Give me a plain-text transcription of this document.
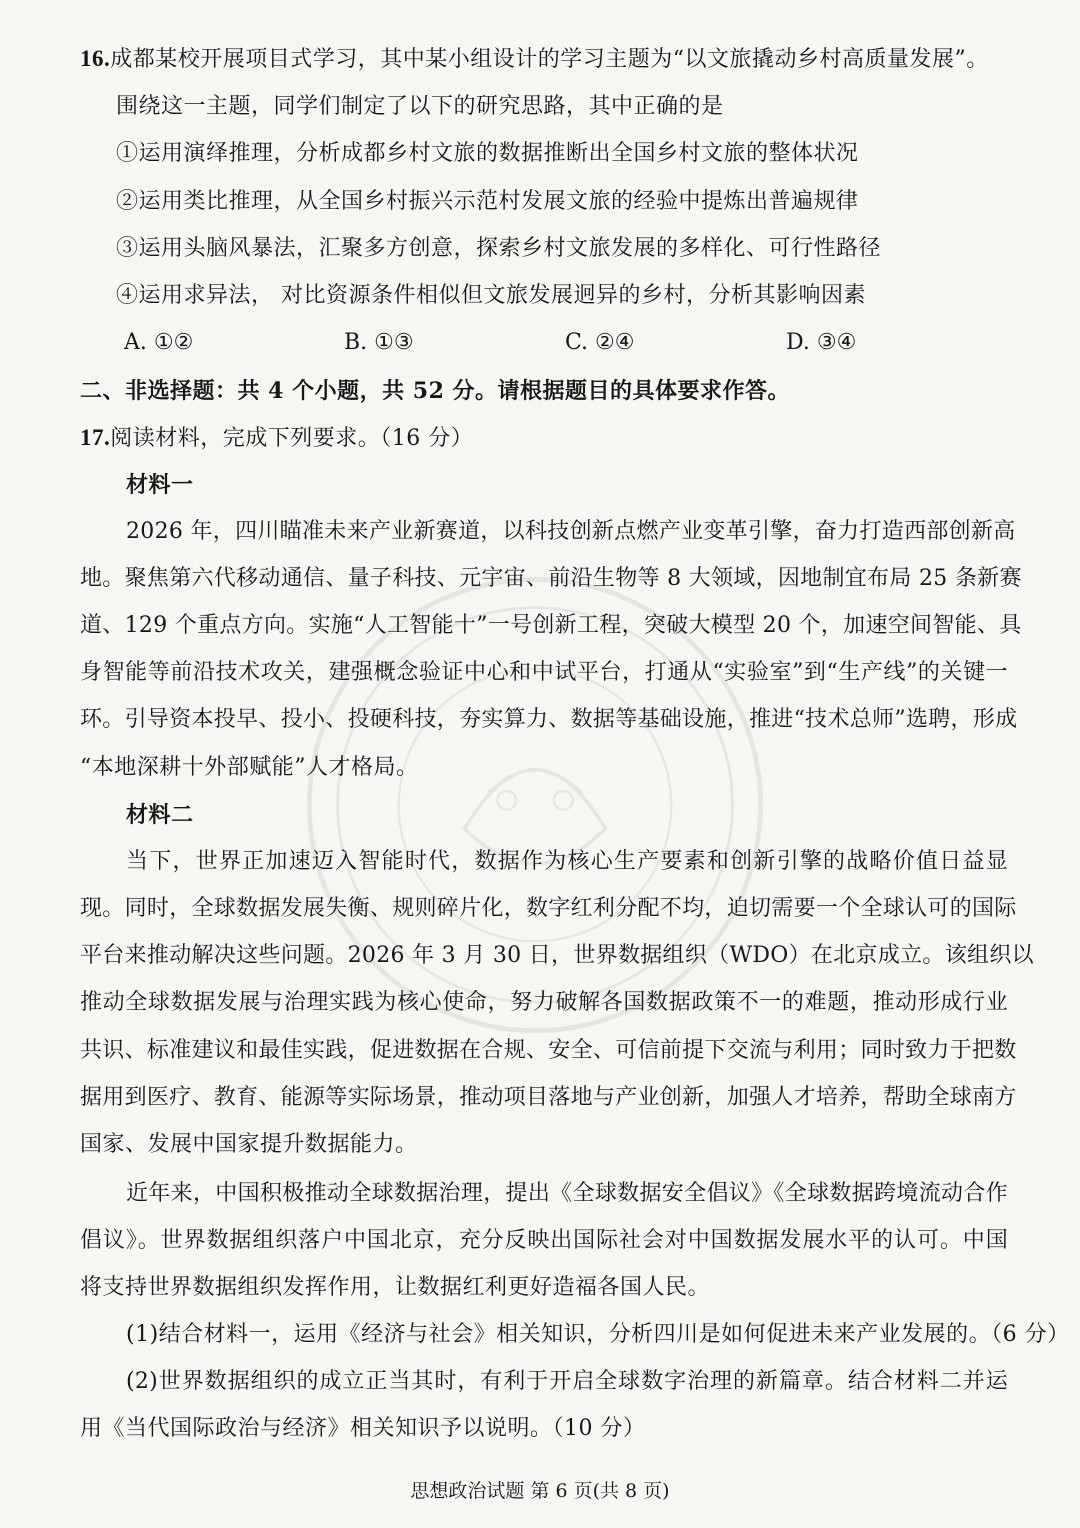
16.成都某校开展项目式学习，其中某小组设计的学习主题为“以文旅撬动乡村高质量发展”。
围绕这一主题，同学们制定了以下的研究思路，其中正确的是
①运用演绎推理，分析成都乡村文旅的数据推断出全国乡村文旅的整体状况
②运用类比推理，从全国乡村振兴示范村发展文旅的经验中提炼出普遍规律
③运用头脑风暴法，汇聚多方创意，探索乡村文旅发展的多样化、可行性路径
④运用求异法， 对比资源条件相似但文旅发展迥异的乡村，分析其影响因素
A. ①②	B. ①③	C. ②④	D. ③④
二、非选择题：共 4 个小题，共 52 分。请根据题目的具体要求作答。
17.阅读材料，完成下列要求。（16 分）
材料一
2026 年，四川瞄准未来产业新赛道，以科技创新点燃产业变革引擎，奋力打造西部创新高
地。聚焦第六代移动通信、量子科技、元宇宙、前沿生物等 8 大领域，因地制宜布局 25 条新赛
道、129 个重点方向。实施“人工智能十”一号创新工程，突破大模型 20 个，加速空间智能、具
身智能等前沿技术攻关，建强概念验证中心和中试平台，打通从“实验室”到“生产线”的关键一
环。引导资本投早、投小、投硬科技，夯实算力、数据等基础设施，推进“技术总师”选聘，形成
“本地深耕十外部赋能”人才格局。
材料二
当下，世界正加速迈入智能时代，数据作为核心生产要素和创新引擎的战略价值日益显
现。同时，全球数据发展失衡、规则碎片化，数字红利分配不均，迫切需要一个全球认可的国际
平台来推动解决这些问题。2026 年 3 月 30 日，世界数据组织（WDO）在北京成立。该组织以
推动全球数据发展与治理实践为核心使命，努力破解各国数据政策不一的难题，推动形成行业
共识、标准建议和最佳实践，促进数据在合规、安全、可信前提下交流与利用；同时致力于把数
据用到医疗、教育、能源等实际场景，推动项目落地与产业创新，加强人才培养，帮助全球南方
国家、发展中国家提升数据能力。
近年来，中国积极推动全球数据治理，提出《全球数据安全倡议》《全球数据跨境流动合作
倡议》。世界数据组织落户中国北京，充分反映出国际社会对中国数据发展水平的认可。中国
将支持世界数据组织发挥作用，让数据红利更好造福各国人民。
(1)结合材料一，运用《经济与社会》相关知识，分析四川是如何促进未来产业发展的。（6 分）
(2)世界数据组织的成立正当其时，有利于开启全球数字治理的新篇章。结合材料二并运
用《当代国际政治与经济》相关知识予以说明。（10 分）
思想政治试题 第 6 页(共 8 页)
